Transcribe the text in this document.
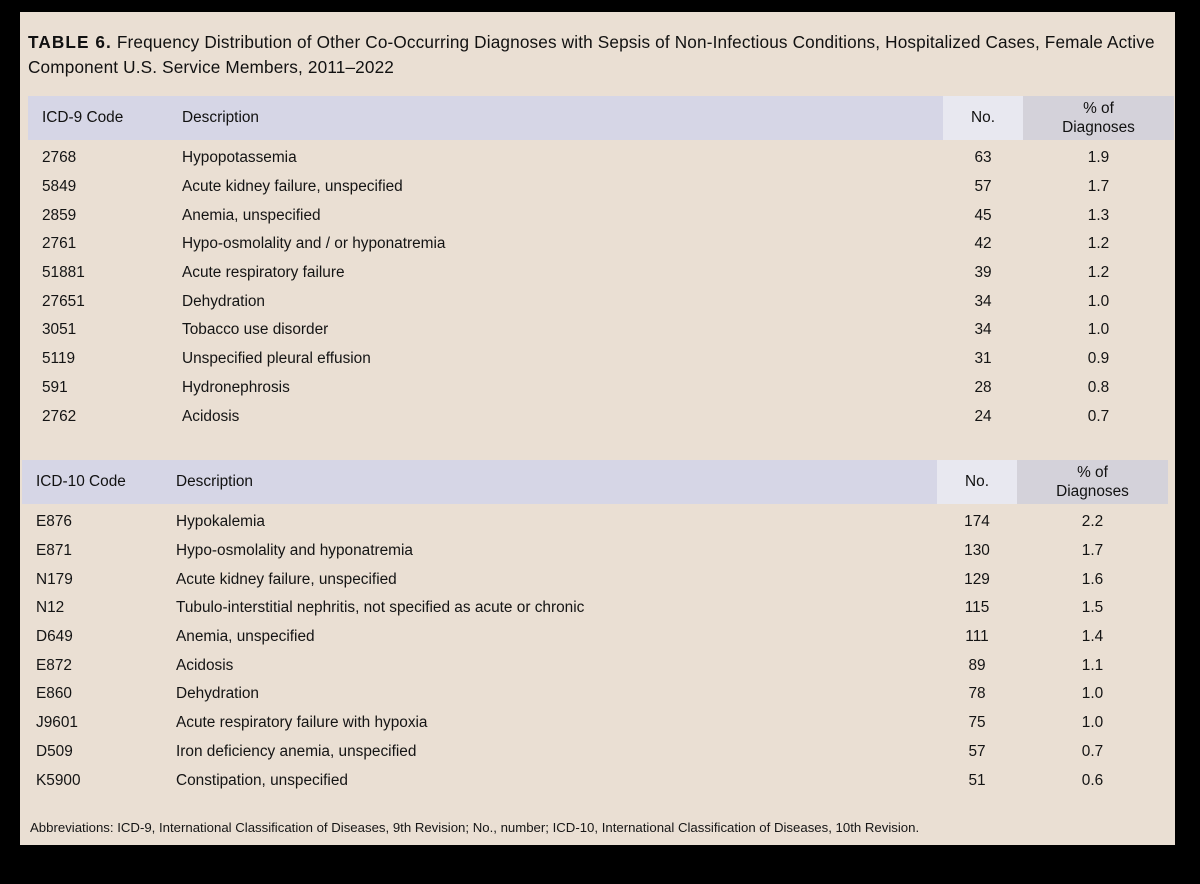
TABLE 6. Frequency Distribution of Other Co-Occurring Diagnoses with Sepsis of Non-Infectious Conditions, Hospitalized Cases, Female Active Component U.S. Service Members, 2011–2022
ICD-9 Code	Description	No.	% of
Diagnoses
2768	Hypopotassemia	63	1.9
5849	Acute kidney failure, unspecified	57	1.7
2859	Anemia, unspecified	45	1.3
2761	Hypo-osmolality and / or hyponatremia	42	1.2
51881	Acute respiratory failure	39	1.2
27651	Dehydration	34	1.0
3051	Tobacco use disorder	34	1.0
5119	Unspecified pleural effusion	31	0.9
591	Hydronephrosis	28	0.8
2762	Acidosis	24	0.7
ICD-10 Code	Description	No.	% of
Diagnoses
E876	Hypokalemia	174	2.2
E871	Hypo-osmolality and hyponatremia	130	1.7
N179	Acute kidney failure, unspecified	129	1.6
N12	Tubulo-interstitial nephritis, not specified as acute or chronic	115	1.5
D649	Anemia, unspecified	111	1.4
E872	Acidosis	89	1.1
E860	Dehydration	78	1.0
J9601	Acute respiratory failure with hypoxia	75	1.0
D509	Iron deficiency anemia, unspecified	57	0.7
K5900	Constipation, unspecified	51	0.6
Abbreviations: ICD-9, International Classification of Diseases, 9th Revision; No., number; ICD-10, International Classification of Diseases, 10th Revision.
